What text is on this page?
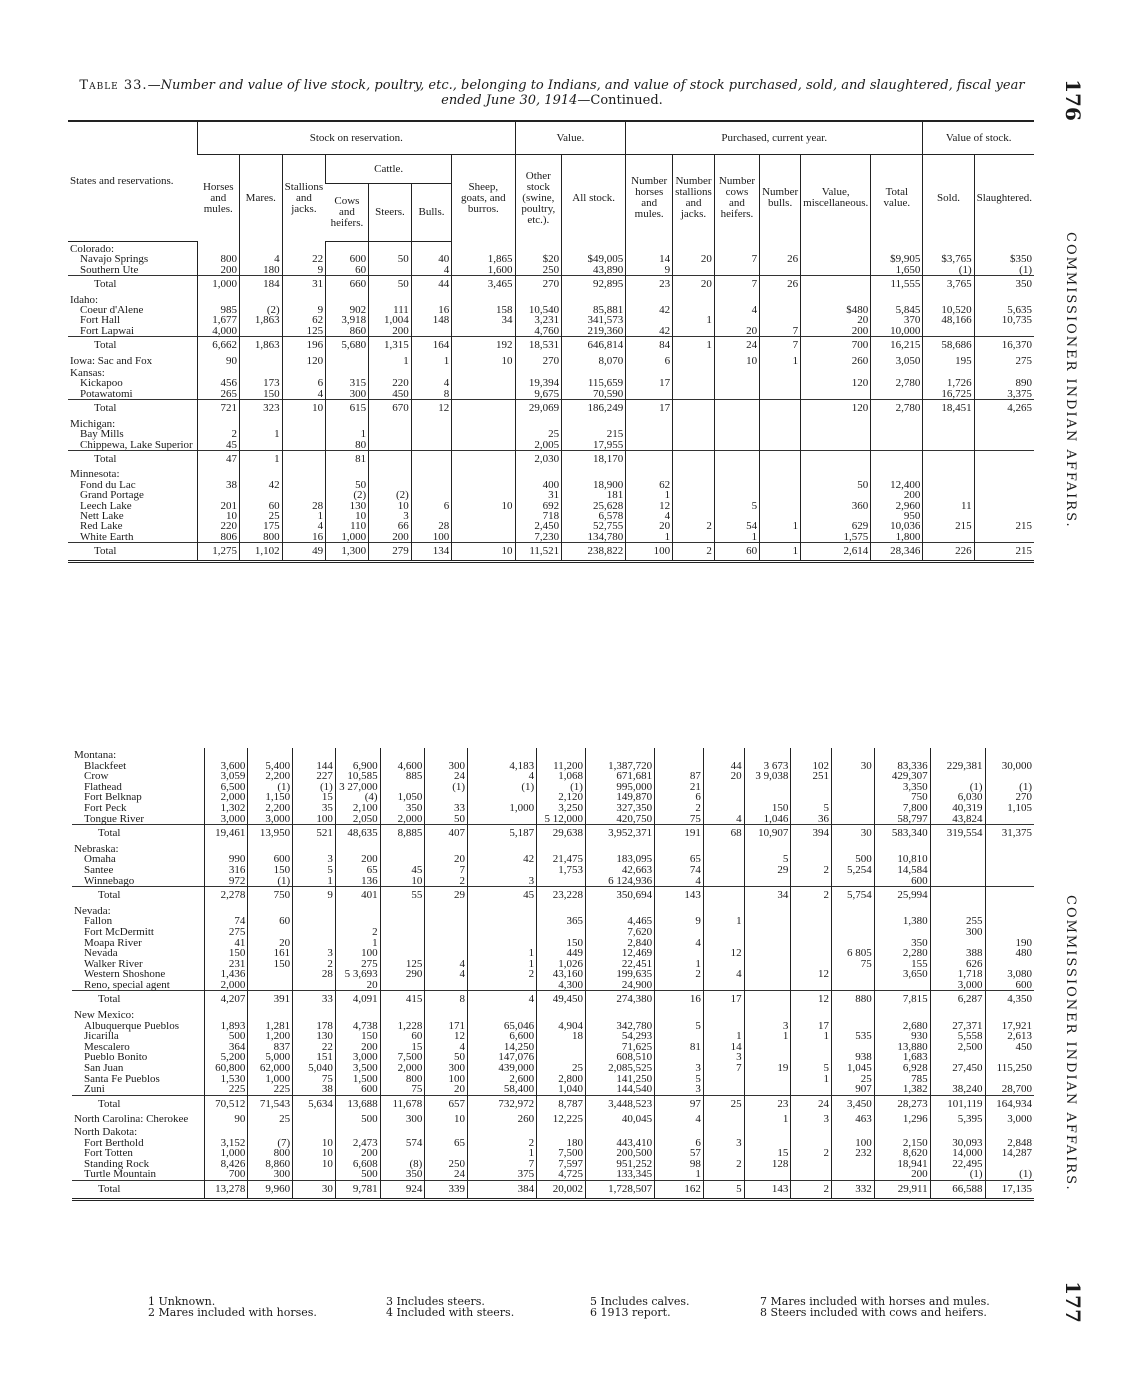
Table 33.—Number and value of live stock, poultry, etc., belonging to Indians, and value of stock purchased, sold, and slaughtered, fiscal year ended June 30, 1914—Continued.	176
177
COMMISSIONER INDIAN AFFAIRS.
COMMISSIONER INDIAN AFFAIRS.
States and reservations.	Stock on reservation.							Value.		Purchased, current year.						Value of stock.	
	Horses and mules.	Mares.	Stallions and jacks.	Cattle.			Sheep, goats, and burros.	Other stock (swine, poultry, etc.).	All stock.	Number horses and mules.	Number stallions and jacks.	Number cows and heifers.	Number bulls.	Value, miscellaneous.	Total value.	Sold.	Slaughtered.
				Cows and heifers.	Steers.	Bulls.											
Colorado:																	
Navajo Springs	800	4	22	600	50	40	1,865	$20	$49,005	14	20	7	26		$9,905	$3,765	$350
Southern Ute	200	180	9	60		4	1,600	250	43,890	9					1,650	(1)	(1)
Total	1,000	184	31	660	50	44	3,465	270	92,895	23	20	7	26		11,555	3,765	350
Idaho:																	
Coeur d'Alene	985	(2)	9	902	111	16	158	10,540	85,881	42		4		$480	5,845	10,520	5,635
Fort Hall	1,677	1,863	62	3,918	1,004	148	34	3,231	341,573		1			20	370	48,166	10,735
Fort Lapwai	4,000		125	860	200			4,760	219,360	42		20	7	200	10,000		
Total	6,662	1,863	196	5,680	1,315	164	192	18,531	646,814	84	1	24	7	700	16,215	58,686	16,370
Iowa: Sac and Fox	90		120		1	1	10	270	8,070	6		10	1	260	3,050	195	275
Kansas:																	
Kickapoo	456	173	6	315	220	4		19,394	115,659	17				120	2,780	1,726	890
Potawatomi	265	150	4	300	450	8		9,675	70,590							16,725	3,375
Total	721	323	10	615	670	12		29,069	186,249	17				120	2,780	18,451	4,265
Michigan:																	
Bay Mills	2	1		1				25	215								
Chippewa, Lake Superior	45			80				2,005	17,955								
Total	47	1		81				2,030	18,170								
Minnesota:																	
Fond du Lac	38	42		50				400	18,900	62				50	12,400		
Grand Portage				(2)	(2)			31	181	1					200		
Leech Lake	201	60	28	130	10	6	10	692	25,628	12		5		360	2,960	11	
Nett Lake	10	25	1	10	3			718	6,578	4					950		
Red Lake	220	175	4	110	66	28		2,450	52,755	20	2	54	1	629	10,036	215	215
White Earth	806	800	16	1,000	200	100		7,230	134,780	1		1		1,575	1,800		
Total	1,275	1,102	49	1,300	279	134	10	11,521	238,822	100	2	60	1	2,614	28,346	226	215
Montana:																	
Blackfeet	3,600	5,400	144	6,900	4,600	300	4,183	11,200	1,387,720		44	3 673	102	30	83,336	229,381	30,000
Crow	3,059	2,200	227	10,585	885	24	4	1,068	671,681	87	20	3 9,038	251		429,307		
Flathead	6,500	(1)	(1)	3 27,000		(1)	(1)	(1)	995,000	21					3,350	(1)	(1)
Fort Belknap	2,000	1,150	15	(4)	1,050			2,120	149,870	6					750	6,030	270
Fort Peck	1,302	2,200	35	2,100	350	33	1,000	3,250	327,350	2		150	5		7,800	40,319	1,105
Tongue River	3,000	3,000	100	2,050	2,000	50		5 12,000	420,750	75	4	1,046	36		58,797	43,824	
Total	19,461	13,950	521	48,635	8,885	407	5,187	29,638	3,952,371	191	68	10,907	394	30	583,340	319,554	31,375
Nebraska:																	
Omaha	990	600	3	200		20	42	21,475	183,095	65		5		500	10,810		
Santee	316	150	5	65	45	7		1,753	42,663	74		29	2	5,254	14,584		
Winnebago	972	(1)	1	136	10	2	3		6 124,936	4					600		
Total	2,278	750	9	401	55	29	45	23,228	350,694	143		34	2	5,754	25,994		
Nevada:																	
Fallon	74	60						365	4,465	9	1				1,380	255	
Fort McDermitt	275			2					7,620							300	
Moapa River	41	20		1				150	2,840	4					350		190
Nevada	150	161	3	100			1	449	12,469		12			6 805	2,280	388	480
Walker River	231	150	2	275	125	4	1	1,026	22,451	1				75	155	626	
Western Shoshone	1,436		28	5 3,693	290	4	2	43,160	199,635	2	4		12		3,650	1,718	3,080
Reno, special agent	2,000			20				4,300	24,900							3,000	600
Total	4,207	391	33	4,091	415	8	4	49,450	274,380	16	17		12	880	7,815	6,287	4,350
New Mexico:																	
Albuquerque Pueblos	1,893	1,281	178	4,738	1,228	171	65,046	4,904	342,780	5		3	17		2,680	27,371	17,921
Jicarilla	500	1,200	130	150	60	12	6,600	18	54,293		1	1	1	535	930	5,558	2,613
Mescalero	364	837	22	200	15	4	14,250		71,625	81	14				13,880	2,500	450
Pueblo Bonito	5,200	5,000	151	3,000	7,500	50	147,076		608,510		3			938	1,683		
San Juan	60,800	62,000	5,040	3,500	2,000	300	439,000	25	2,085,525	3	7	19	5	1,045	6,928	27,450	115,250
Santa Fe Pueblos	1,530	1,000	75	1,500	800	100	2,600	2,800	141,250	5			1	25	785		
Zuni	225	225	38	600	75	20	58,400	1,040	144,540	3				907	1,382	38,240	28,700
Total	70,512	71,543	5,634	13,688	11,678	657	732,972	8,787	3,448,523	97	25	23	24	3,450	28,273	101,119	164,934
North Carolina: Cherokee	90	25		500	300	10	260	12,225	40,045	4		1	3	463	1,296	5,395	3,000
North Dakota:																	
Fort Berthold	3,152	(7)	10	2,473	574	65	2	180	443,410	6	3			100	2,150	30,093	2,848
Fort Totten	1,000	800	10	200			1	7,500	200,500	57		15	2	232	8,620	14,000	14,287
Standing Rock	8,426	8,860	10	6,608	(8)	250	7	7,597	951,252	98	2	128			18,941	22,495	
Turtle Mountain	700	300		500	350	24	375	4,725	133,345	1					200	(1)	(1)
Total	13,278	9,960	30	9,781	924	339	384	20,002	1,728,507	162	5	143	2	332	29,911	66,588	17,135
1 Unknown.
2 Mares included with horses.
3 Includes steers.
4 Included with steers.
5 Includes calves.
6 1913 report.
7 Mares included with horses and mules.
8 Steers included with cows and heifers.
